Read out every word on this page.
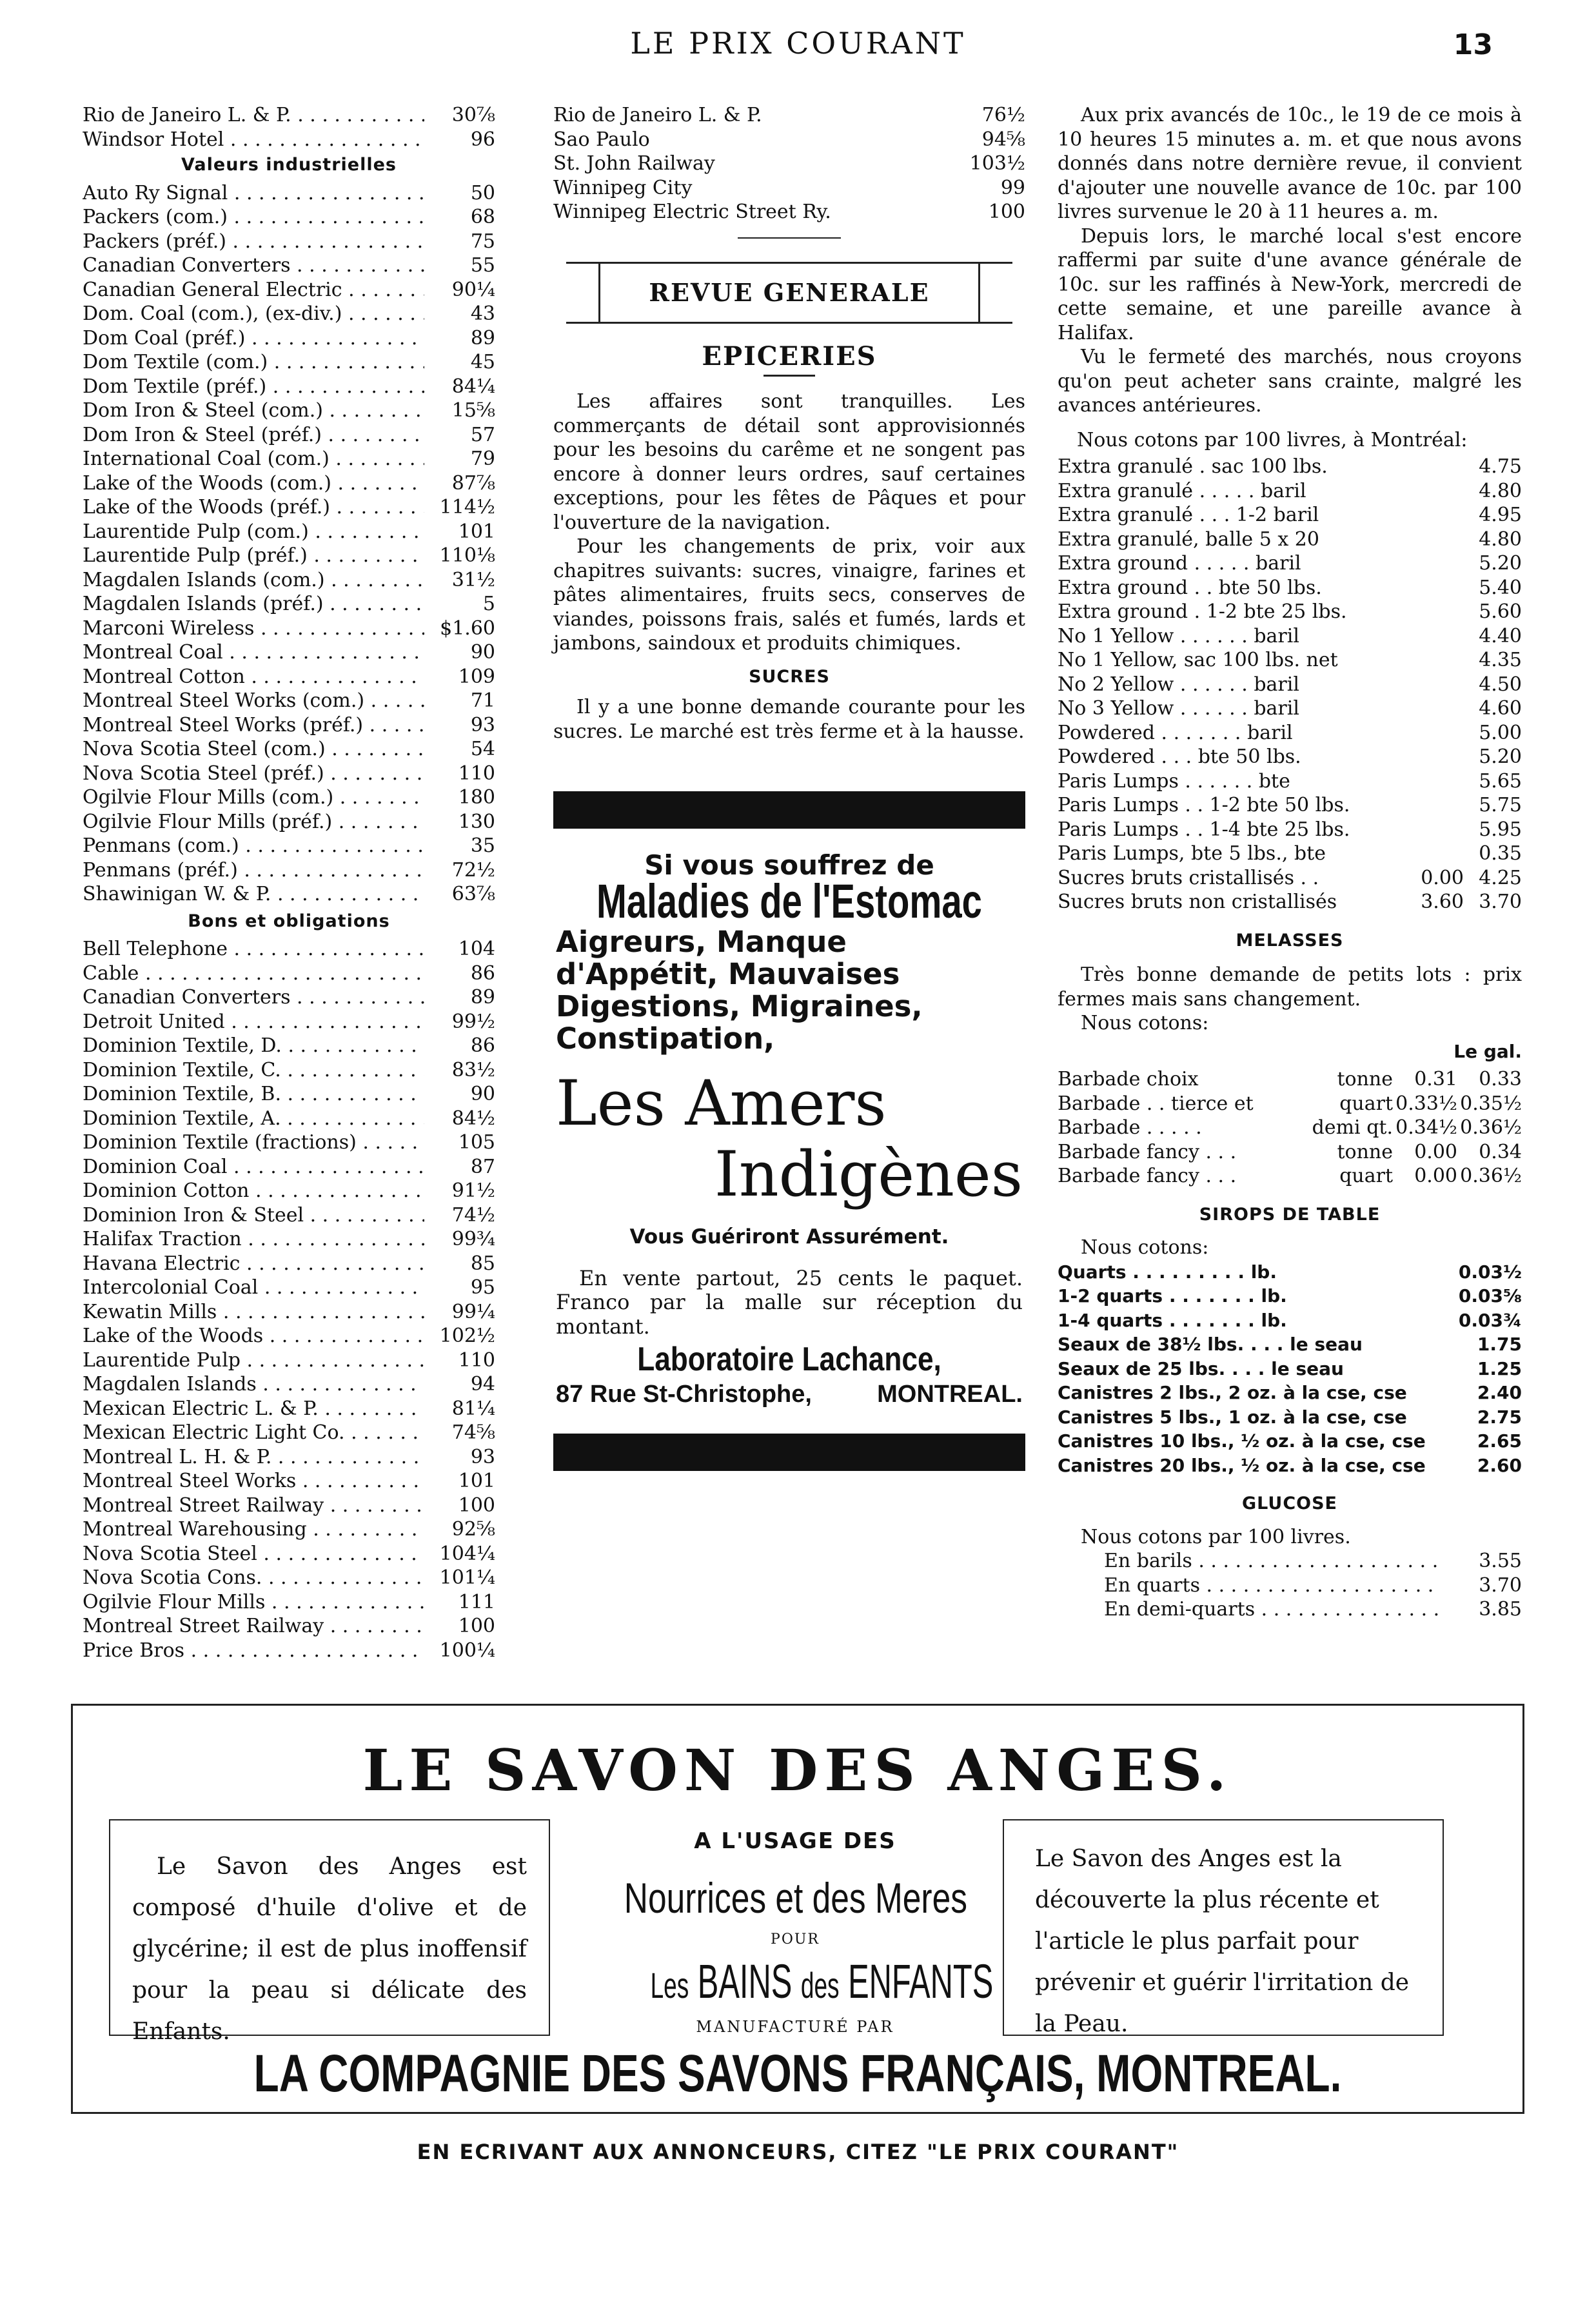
LE PRIX COURANT	13
Rio de Janeiro L. & P. . . .	30⅞
Windsor Hotel . . .	96
Valeurs industrielles
Auto Ry Signal . . .	50
Packers (com.) . . .	68
Packers (préf.) . . .	75
Canadian Converters . . .	55
Canadian General Electric . . .	90¼
Dom. Coal (com.), (ex-div.) . . .	43
Dom Coal (préf.) . . .	89
Dom Textile (com.) . . .	45
Dom Textile (préf.) . . .	84¼
Dom Iron & Steel (com.) . . .	15⅝
Dom Iron & Steel (préf.) . . .	57
International Coal (com.) . . .	79
Lake of the Woods (com.) . . .	87⅞
Lake of the Woods (préf.) . . .	114½
Laurentide Pulp (com.) . . .	101
Laurentide Pulp (préf.) . . .	110⅛
Magdalen Islands (com.) . . .	31½
Magdalen Islands (préf.) . . .	5
Marconi Wireless . . .	$1.60
Montreal Coal . . .	90
Montreal Cotton . . .	109
Montreal Steel Works (com.) . . .	71
Montreal Steel Works (préf.) . . .	93
Nova Scotia Steel (com.) . . .	54
Nova Scotia Steel (préf.) . . .	110
Ogilvie Flour Mills (com.) . . .	180
Ogilvie Flour Mills (préf.) . . .	130
Penmans (com.) . . .	35
Penmans (préf.) . . .	72½
Shawinigan W. & P. . . .	63⅞
Bons et obligations
Bell Telephone . . .	104
Cable . . .	86
Canadian Converters . . .	89
Detroit United . . .	99½
Dominion Textile, D. . . .	86
Dominion Textile, C. . . .	83½
Dominion Textile, B. . . .	90
Dominion Textile, A. . . .	84½
Dominion Textile (fractions) . . .	105
Dominion Coal . . .	87
Dominion Cotton . . .	91½
Dominion Iron & Steel . . .	74½
Halifax Traction . . .	99¾
Havana Electric . . .	85
Intercolonial Coal . . .	95
Kewatin Mills . . .	99¼
Lake of the Woods . . .	102½
Laurentide Pulp . . .	110
Magdalen Islands . . .	94
Mexican Electric L. & P. . . .	81¼
Mexican Electric Light Co. . . .	74⅝
Montreal L. H. & P. . . .	93
Montreal Steel Works . . .	101
Montreal Street Railway . . .	100
Montreal Warehousing . . .	92⅝
Nova Scotia Steel . . .	104¼
Nova Scotia Cons. . . .	101¼
Ogilvie Flour Mills . . .	111
Montreal Street Railway . . .	100
Price Bros . . .	100¼
Rio de Janeiro L. & P.	76½
Sao Paulo	94⅝
St. John Railway	103½
Winnipeg City	99
Winnipeg Electric Street Ry.	100
REVUE GENERALE
EPICERIES

Les affaires sont tranquilles. Les commerçants de détail sont approvisionnés pour les besoins du carême et ne songent pas encore à donner leurs ordres, sauf certaines exceptions, pour les fêtes de Pâques et pour l'ouverture de la navigation.

Pour les changements de prix, voir aux chapitres suivants: sucres, vinaigre, farines et pâtes alimentaires, fruits secs, conserves de viandes, poissons frais, salés et fumés, lards et jambons, saindoux et produits chimiques.

SUCRES

Il y a une bonne demande courante pour les sucres. Le marché est très ferme et à la hausse.

Si vous souffrez de
Maladies de l'Estomac
Aigreurs, Manque d'Appétit, Mauvaises Digestions, Migraines, Constipation,
Les Amers
Indigènes
Vous Guériront Assurément.

En vente partout, 25 cents le paquet. Franco par la malle sur réception du montant.

Laboratoire Lachance,
87 Rue St-Christophe,	MONTREAL.

Aux prix avancés de 10c., le 19 de ce mois à 10 heures 15 minutes a. m. et que nous avons donnés dans notre dernière revue, il convient d'ajouter une nouvelle avance de 10c. par 100 livres survenue le 20 à 11 heures a. m.

Depuis lors, le marché local s'est encore raffermi par suite d'une avance générale de 10c. sur les raffinés à New-York, mercredi de cette semaine, et une pareille avance à Halifax.

Vu le fermeté des marchés, nous croyons qu'on peut acheter sans crainte, malgré les avances antérieures.

Nous cotons par 100 livres, à Montréal:
Extra granulé . sac 100 lbs.	4.75
Extra granulé . . . . . baril	4.80
Extra granulé . . . 1-2 baril	4.95
Extra granulé, balle 5 x 20	4.80
Extra ground . . . . . baril	5.20
Extra ground . . bte 50 lbs.	5.40
Extra ground . 1-2 bte 25 lbs.	5.60
No 1 Yellow . . . . . . baril	4.40
No 1 Yellow, sac 100 lbs. net	4.35
No 2 Yellow . . . . . . baril	4.50
No 3 Yellow . . . . . . baril	4.60
Powdered . . . . . . . baril	5.00
Powdered . . . bte 50 lbs.	5.20
Paris Lumps . . . . . . bte	5.65
Paris Lumps . . 1-2 bte 50 lbs.	5.75
Paris Lumps . . 1-4 bte 25 lbs.	5.95
Paris Lumps, bte 5 lbs., bte	0.35
Sucres bruts cristallisés . .	0.00 4.25
Sucres bruts non cristallisés	3.60 3.70
MELASSES

Très bonne demande de petits lots : prix fermes mais sans changement.

Nous cotons:
Le gal.
Barbade choix	tonne	0.31	0.33
Barbade . . tierce et	quart 0.33½ 0.35½
Barbade . . . . .	demi qt. 0.34½ 0.36½
Barbade fancy . . .	tonne	0.00	0.34
Barbade fancy . . .	quart	0.00 0.36½
SIROPS DE TABLE
Nous cotons:
Quarts . . . . . . . . . lb.	0.03½
1-2 quarts . . . . . . . lb.	0.03⅝
1-4 quarts . . . . . . . lb.	0.03¾
Seaux de 38½ lbs. . . . le seau	1.75
Seaux de 25 lbs. . . . le seau	1.25
Canistres 2 lbs., 2 oz. à la cse, cse	2.40
Canistres 5 lbs., 1 oz. à la cse, cse	2.75
Canistres 10 lbs., ½ oz. à la cse, cse	2.65
Canistres 20 lbs., ½ oz. à la cse, cse	2.60
GLUCOSE
Nous cotons par 100 livres.
En barils . . .	3.55
En quarts . . .	3.70
En demi-quarts . . .	3.85
LE SAVON DES ANGES.

Le Savon des Anges est composé d'huile d'olive et de glycérine; il est de plus inoffensif pour la peau si délicate des Enfants.

A L'USAGE DES
Nourrices et des Meres
POUR
Les BAINS des ENFANTS
MANUFACTURÉ PAR

Le Savon des Anges est la découverte la plus récente et l'article le plus parfait pour prévenir et guérir l'irritation de la Peau.

LA COMPAGNIE DES SAVONS FRANÇAIS, MONTREAL.
EN ECRIVANT AUX ANNONCEURS, CITEZ "LE PRIX COURANT"
